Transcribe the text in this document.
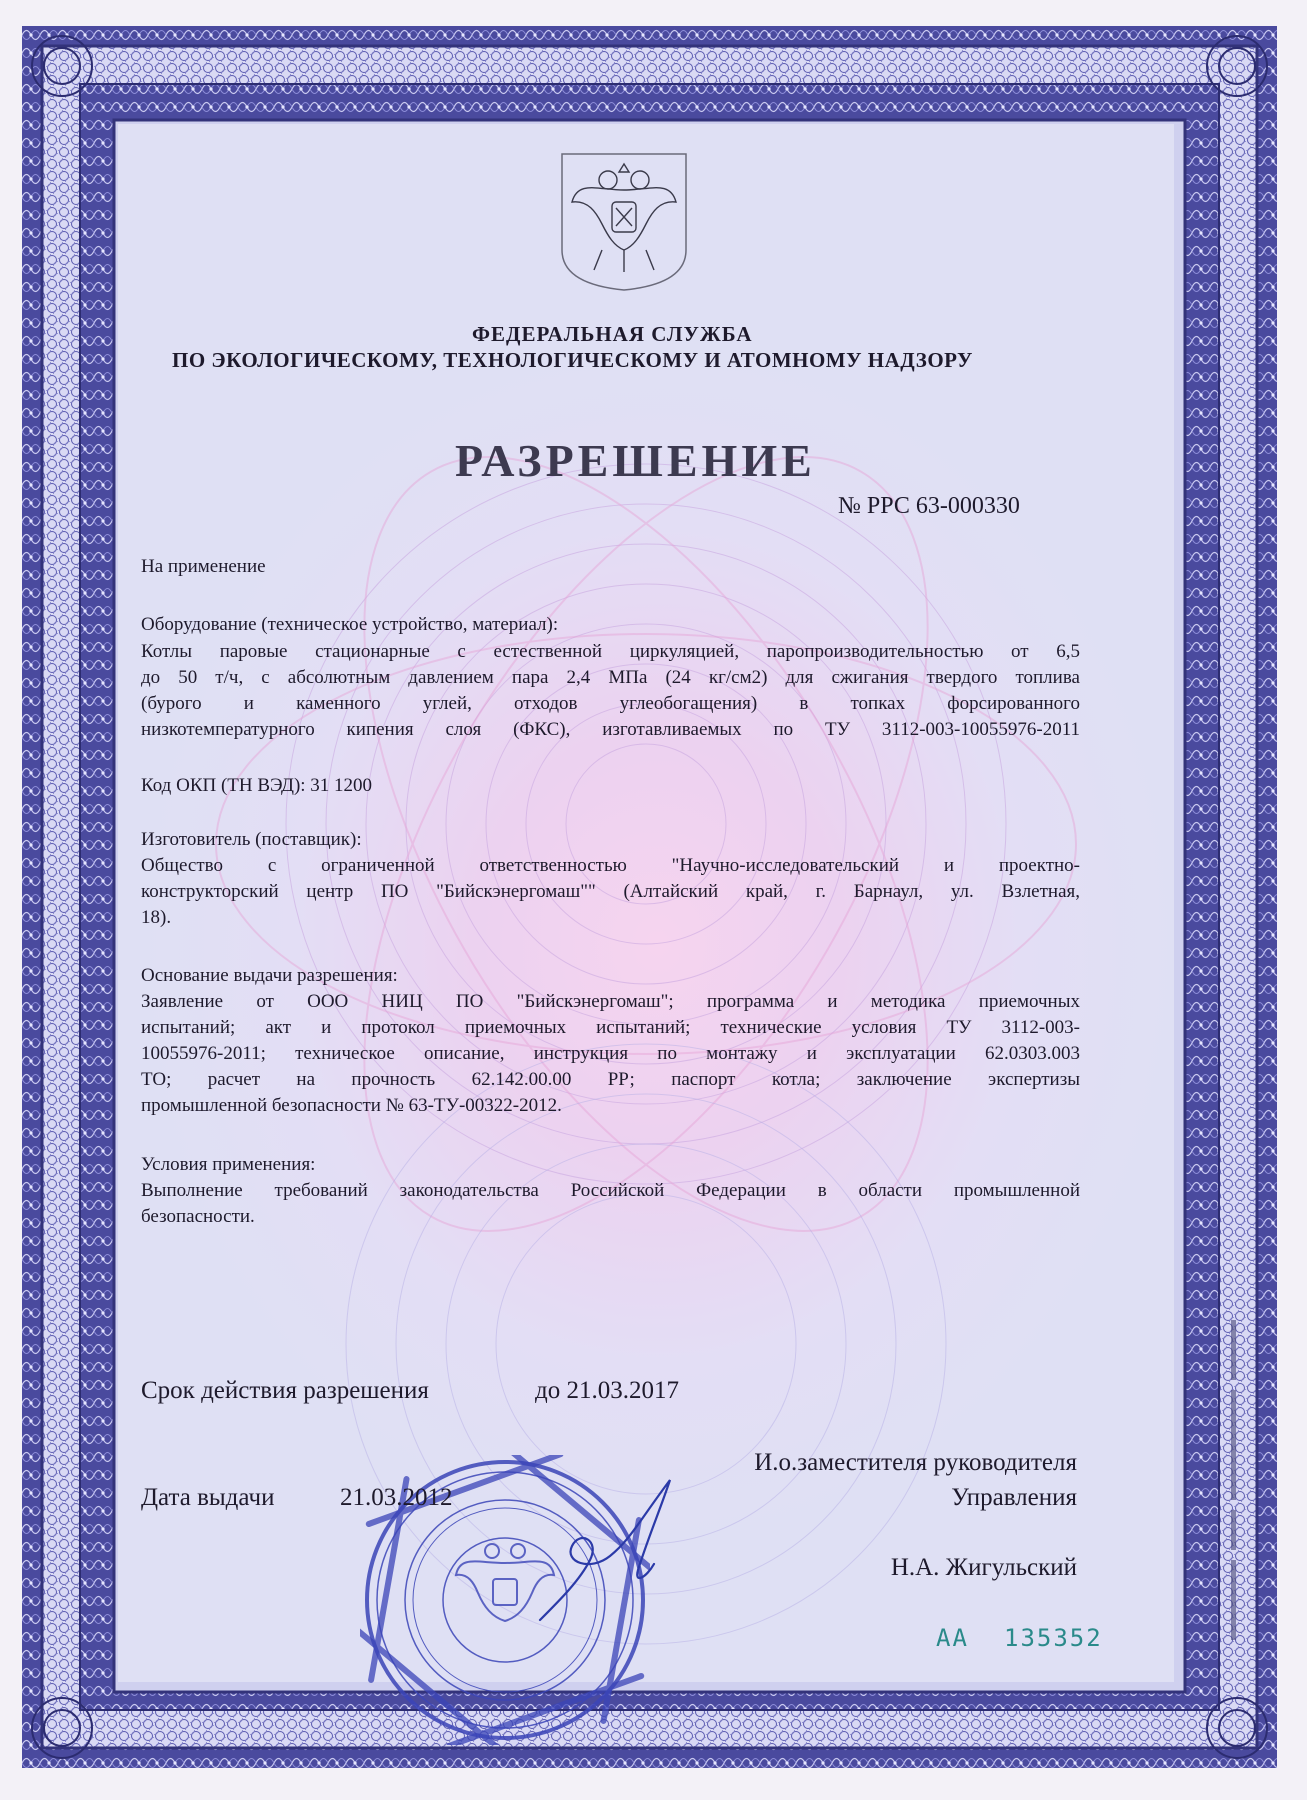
ФЕДЕРАЛЬНАЯ СЛУЖБА
ПО ЭКОЛОГИЧЕСКОМУ, ТЕХНОЛОГИЧЕСКОМУ И АТОМНОМУ НАДЗОРУ
РАЗРЕШЕНИЕ
№ РРС 63-000330
На применение
Оборудование (техническое устройство, материал):
Котлы паровые стационарные с естественной циркуляцией, паропроизводительностью от 6,5
до 50 т/ч, с абсолютным давлением пара 2,4 МПа (24 кг/см2) для сжигания твердого топлива
(бурого и каменного углей, отходов углеобогащения) в топках форсированного
низкотемпературного кипения слоя (ФКС), изготавливаемых по ТУ 3112-003-10055976-2011
Код ОКП (ТН ВЭД): 31 1200
Изготовитель (поставщик):
Общество с ограниченной ответственностью "Научно-исследовательский и проектно-
конструкторский центр ПО "Бийскэнергомаш"" (Алтайский край, г. Барнаул, ул. Взлетная,
18).
Основание выдачи разрешения:
Заявление от ООО НИЦ ПО "Бийскэнергомаш"; программа и методика приемочных
испытаний; акт и протокол приемочных испытаний; технические условия ТУ 3112-003-
10055976-2011; техническое описание, инструкция по монтажу и эксплуатации 62.0303.003
ТО; расчет на прочность 62.142.00.00 РР; паспорт котла; заключение экспертизы
промышленной безопасности № 63-ТУ-00322-2012.
Условия применения:
Выполнение требований законодательства Российской Федерации в области промышленной
безопасности.
Срок действия разрешения	до 21.03.2017
И.о.заместителя руководителя
Управления
Дата выдачи	21.03.2012
Н.А. Жигульский
АА 135352
